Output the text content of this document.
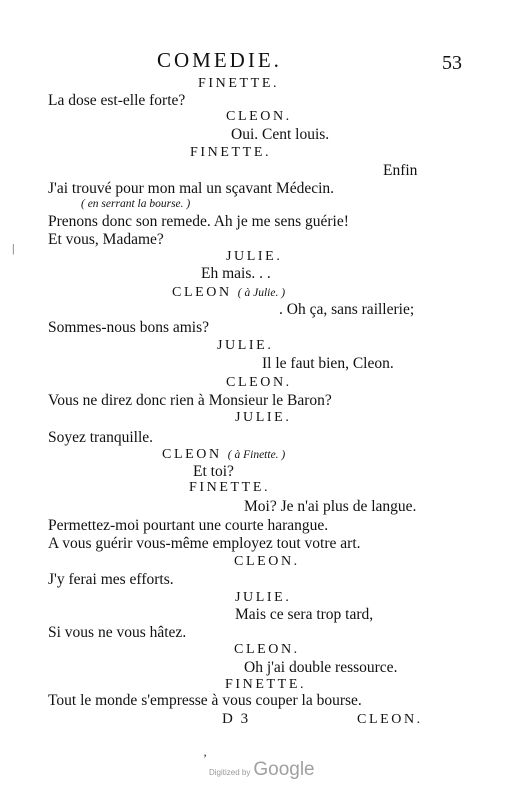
COMEDIE.	53
FINETTE.
La dose est-elle forte?
CLEON.
Oui. Cent louis.
FINETTE.
Enfin
J'ai trouvé pour mon mal un sçavant Médecin.
( en serrant la bourse. )
Prenons donc son remede. Ah je me sens guérie!
Et vous, Madame?
JULIE.
Eh mais. . .
CLEON ( à Julie. )
. Oh ça, sans raillerie;
Sommes-nous bons amis?
JULIE.
Il le faut bien, Cleon.
CLEON.
Vous ne direz donc rien à Monsieur le Baron?
JULIE.
Soyez tranquille.
CLEON ( à Finette. )
Et toi?
FINETTE.
Moi? Je n'ai plus de langue.
Permettez-moi pourtant une courte harangue.
A vous guérir vous-même employez tout votre art.
CLEON.
J'y ferai mes efforts.
JULIE.
Mais ce sera trop tard,
Si vous ne vous hâtez.
CLEON.
Oh j'ai double ressource.
FINETTE.
Tout le monde s'empresse à vous couper la bourse.
D 3	CLEON.
’
|
Digitized by Google
